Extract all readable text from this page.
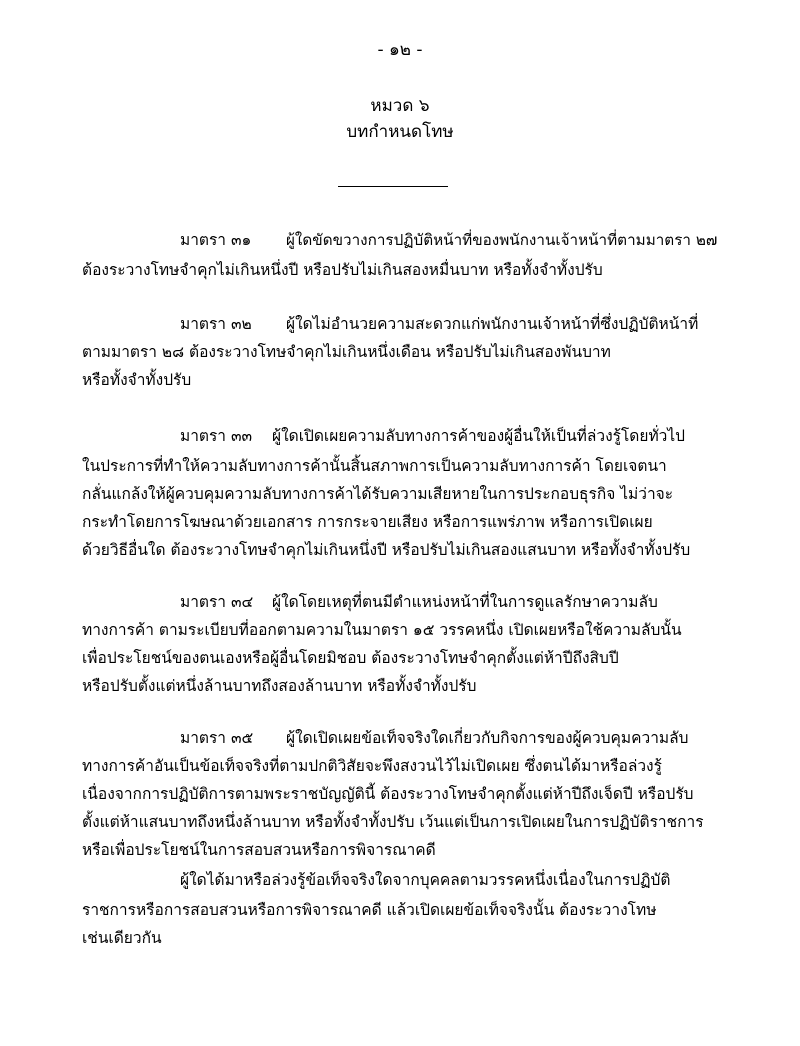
- ๑๒ -
หมวด ๖
บทกำหนดโทษ
มาตรา ๓๑ ผู้ใดขัดขวางการปฏิบัติหน้าที่ของพนักงานเจ้าหน้าที่ตามมาตรา ๒๗
ต้องระวางโทษจำคุกไม่เกินหนึ่งปี หรือปรับไม่เกินสองหมื่นบาท หรือทั้งจำทั้งปรับ
มาตรา ๓๒ ผู้ใดไม่อำนวยความสะดวกแก่พนักงานเจ้าหน้าที่ซึ่งปฏิบัติหน้าที่
ตามมาตรา ๒๘ ต้องระวางโทษจำคุกไม่เกินหนึ่งเดือน หรือปรับไม่เกินสองพันบาท
หรือทั้งจำทั้งปรับ
มาตรา ๓๓ ผู้ใดเปิดเผยความลับทางการค้าของผู้อื่นให้เป็นที่ล่วงรู้โดยทั่วไป
ในประการที่ทำให้ความลับทางการค้านั้นสิ้นสภาพการเป็นความลับทางการค้า โดยเจตนา
กลั่นแกล้งให้ผู้ควบคุมความลับทางการค้าได้รับความเสียหายในการประกอบธุรกิจ ไม่ว่าจะ
กระทำโดยการโฆษณาด้วยเอกสาร การกระจายเสียง หรือการแพร่ภาพ หรือการเปิดเผย
ด้วยวิธีอื่นใด ต้องระวางโทษจำคุกไม่เกินหนึ่งปี หรือปรับไม่เกินสองแสนบาท หรือทั้งจำทั้งปรับ
มาตรา ๓๔ ผู้ใดโดยเหตุที่ตนมีตำแหน่งหน้าที่ในการดูแลรักษาความลับ
ทางการค้า ตามระเบียบที่ออกตามความในมาตรา ๑๕ วรรคหนึ่ง เปิดเผยหรือใช้ความลับนั้น
เพื่อประโยชน์ของตนเองหรือผู้อื่นโดยมิชอบ ต้องระวางโทษจำคุกตั้งแต่ห้าปีถึงสิบปี
หรือปรับตั้งแต่หนึ่งล้านบาทถึงสองล้านบาท หรือทั้งจำทั้งปรับ
มาตรา ๓๕ ผู้ใดเปิดเผยข้อเท็จจริงใดเกี่ยวกับกิจการของผู้ควบคุมความลับ
ทางการค้าอันเป็นข้อเท็จจริงที่ตามปกติวิสัยจะพึงสงวนไว้ไม่เปิดเผย ซึ่งตนได้มาหรือล่วงรู้
เนื่องจากการปฏิบัติการตามพระราชบัญญัตินี้ ต้องระวางโทษจำคุกตั้งแต่ห้าปีถึงเจ็ดปี หรือปรับ
ตั้งแต่ห้าแสนบาทถึงหนึ่งล้านบาท หรือทั้งจำทั้งปรับ เว้นแต่เป็นการเปิดเผยในการปฏิบัติราชการ
หรือเพื่อประโยชน์ในการสอบสวนหรือการพิจารณาคดี
ผู้ใดได้มาหรือล่วงรู้ข้อเท็จจริงใดจากบุคคลตามวรรคหนึ่งเนื่องในการปฏิบัติ
ราชการหรือการสอบสวนหรือการพิจารณาคดี แล้วเปิดเผยข้อเท็จจริงนั้น ต้องระวางโทษ
เช่นเดียวกัน
